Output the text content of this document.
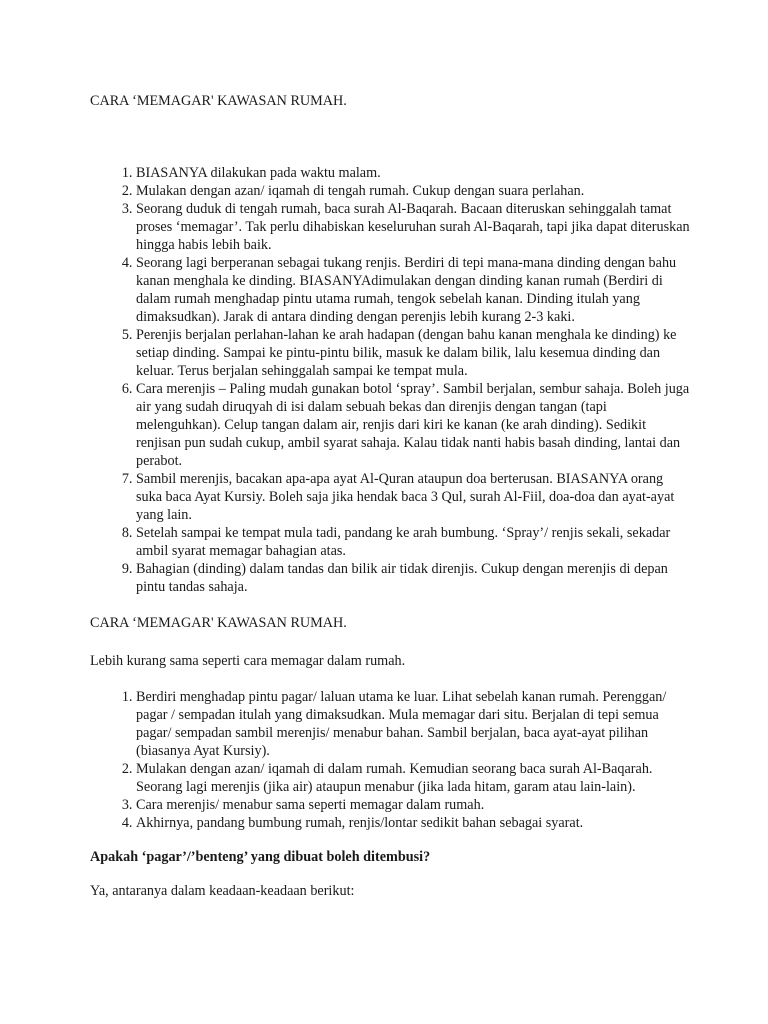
CARA ‘MEMAGAR' KAWASAN RUMAH.

1. BIASANYA dilakukan pada waktu malam.
2. Mulakan dengan azan/ iqamah di tengah rumah. Cukup dengan suara perlahan.
3. Seorang duduk di tengah rumah, baca surah Al-Baqarah. Bacaan diteruskan sehinggalah tamat proses ‘memagar’. Tak perlu dihabiskan keseluruhan surah Al-Baqarah, tapi jika dapat diteruskan hingga habis lebih baik.
4. Seorang lagi berperanan sebagai tukang renjis. Berdiri di tepi mana-mana dinding dengan bahu kanan menghala ke dinding. BIASANYAdimulakan dengan dinding kanan rumah (Berdiri di dalam rumah menghadap pintu utama rumah, tengok sebelah kanan. Dinding itulah yang dimaksudkan). Jarak di antara dinding dengan perenjis lebih kurang 2-3 kaki.
5. Perenjis berjalan perlahan-lahan ke arah hadapan (dengan bahu kanan menghala ke dinding) ke setiap dinding. Sampai ke pintu-pintu bilik, masuk ke dalam bilik, lalu kesemua dinding dan keluar. Terus berjalan sehinggalah sampai ke tempat mula.
6. Cara merenjis – Paling mudah gunakan botol ‘spray’. Sambil berjalan, sembur sahaja. Boleh juga air yang sudah diruqyah di isi dalam sebuah bekas dan direnjis dengan tangan (tapi melenguhkan). Celup tangan dalam air, renjis dari kiri ke kanan (ke arah dinding). Sedikit renjisan pun sudah cukup, ambil syarat sahaja. Kalau tidak nanti habis basah dinding, lantai dan perabot.
7. Sambil merenjis, bacakan apa-apa ayat Al-Quran ataupun doa berterusan. BIASANYA orang suka baca Ayat Kursiy. Boleh saja jika hendak baca 3 Qul, surah Al-Fiil, doa-doa dan ayat-ayat yang lain.
8. Setelah sampai ke tempat mula tadi, pandang ke arah bumbung. ‘Spray’/ renjis sekali, sekadar ambil syarat memagar bahagian atas.
9. Bahagian (dinding) dalam tandas dan bilik air tidak direnjis. Cukup dengan merenjis di depan pintu tandas sahaja.

CARA ‘MEMAGAR' KAWASAN RUMAH.

Lebih kurang sama seperti cara memagar dalam rumah.

1. Berdiri menghadap pintu pagar/ laluan utama ke luar. Lihat sebelah kanan rumah. Perenggan/ pagar / sempadan itulah yang dimaksudkan. Mula memagar dari situ. Berjalan di tepi semua pagar/ sempadan sambil merenjis/ menabur bahan. Sambil berjalan, baca ayat-ayat pilihan (biasanya Ayat Kursiy).
2. Mulakan dengan azan/ iqamah di dalam rumah. Kemudian seorang baca surah Al-Baqarah. Seorang lagi merenjis (jika air) ataupun menabur (jika lada hitam, garam atau lain-lain).
3. Cara merenjis/ menabur sama seperti memagar dalam rumah.
4. Akhirnya, pandang bumbung rumah, renjis/lontar sedikit bahan sebagai syarat.

Apakah ‘pagar’/’benteng’ yang dibuat boleh ditembusi?

Ya, antaranya dalam keadaan-keadaan berikut:
